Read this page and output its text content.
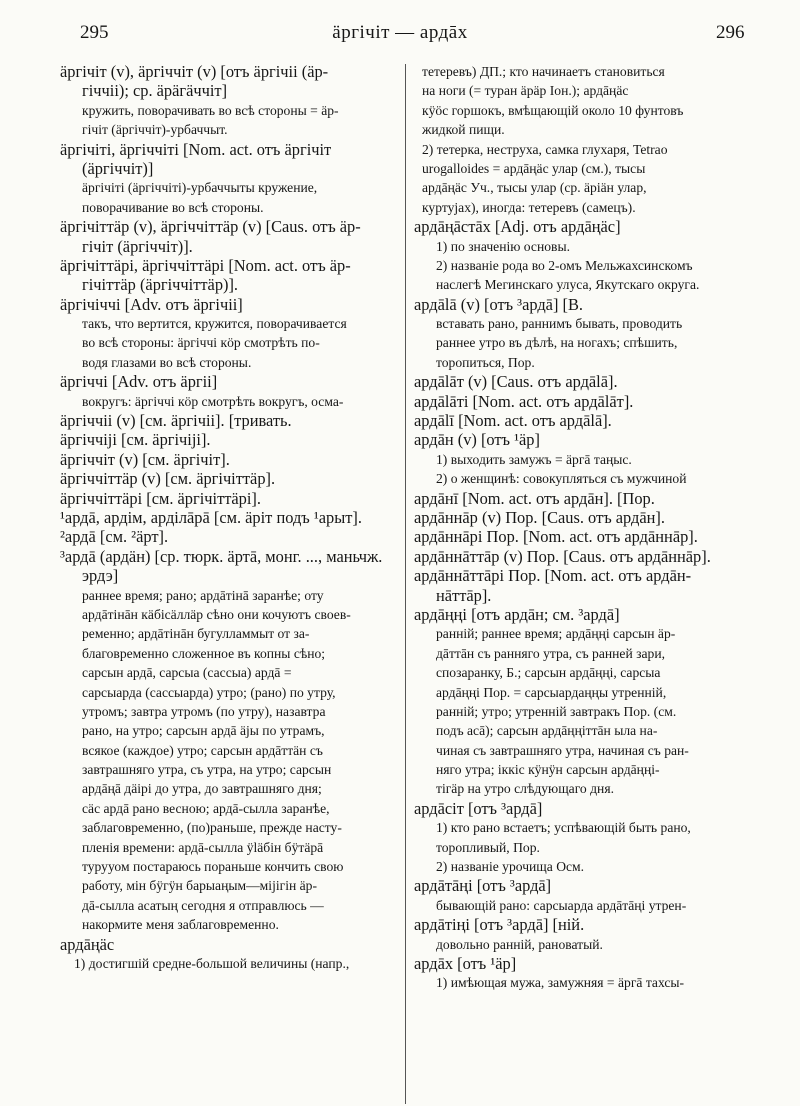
295	äpгiчiт — ардāх	296
äpгiчiт (v), äpгiччiт (v) [отъ äpгiчii (äp-
гiччii); ср. äрäгäччiт]
кружить, поворачивать во всѣ стороны = äp-
гiчiт (äpгiччiт)-урбаччыт.
äpгiчiтi, äpгiччiтi [Nom. act. отъ äpгiчiт
(äpгiччiт)]
äpгiчiтi (äpгiччiтi)-урбаччыты кружение,
поворачивание во всѣ стороны.
äpгiчiттäр (v), äpгiччiттäр (v) [Caus. отъ äp-
гiчiт (äpгiччiт)].
äpгiчiттäрi, äpгiччiттäрi [Nom. act. отъ äp-
гiчiттäр (äpгiччiттäр)].
äpгiчiччi [Adv. отъ äpгiчii]
такъ, что вертится, кружится, поворачивается
во всѣ стороны: äpгiччi кöр смотрѣть по-
водя глазами во всѣ стороны.
äpгiччi [Adv. отъ äpгii]
вокругъ: äpгiччi кöр смотрѣть вокругъ, осма-
äpгiччii (v) [см. äpгiчii]. [тривать.
äpгiччiji [см. äpгiчiji].
äpгiччiт (v) [см. äpгiчiт].
äpгiччiттäр (v) [см. äpгiчiттäр].
äpгiччiттäрi [см. äpгiчiттäрi].
¹ардā, ардiм, ардiлāрā [см. äрiт подъ ¹арыт].
²ардā [см. ²äрт].
³ардā (ардäн) [ср. тюрк. äртā, монг. ..., маньчж.
эрдэ]
раннее время; рано; ардāтiнā заранѣе; оту
ардāтiнāн кäбiсäллäр сѣно они кочуютъ своев-
ременно; ардāтiнāн бугулламмыт от за-
благовременно сложенное въ копны сѣно;
сарсын ардā, сарсыа (сассыа) ардā =
сарсыарда (сассыарда) утро; (рано) по утру,
утромъ; завтра утромъ (по утру), назавтра
рано, на утро; сарсын ардā äjы по утрамъ,
всякое (каждое) утро; сарсын ардāттäн съ
завтрашняго утра, съ утра, на утро; сарсын
ардāңā дäiрi до утра, до завтрашняго дня;
сäс ардā рано весною; ардā-сылла заранѣе,
заблаговременно, (по)раньше, прежде насту-
пленiя времени: ардā-сылла ÿläбiн бÿтäрā
турууом постараюсь пораньше кончить свою
работу, мiн бÿгÿн барыаңым—мijiгiн äр-
дā-сылла асатың сегодня я отправлюсь —
накормите меня заблаговременно.
ардāңäс
1) достигшiй средне-большой величины (напр.,
тетеревъ) ДП.; кто начинаетъ становиться
на ноги (= туран äрäр Іон.); ардāңäс
кÿöс горшокъ, вмѣщающiй около 10 фунтовъ
жидкой пищи.
2) тетерка, неструха, самка глухаря, Tetrao
urogalloides = ардāңäс улар (см.), тысы
ардāңäс Уч., тысы улар (ср. äрiäн улар,
куртуjах), иногда: тетеревъ (самецъ).
ардāңāстāх [Adj. отъ ардāңäс]
1) по значенiю основы.
2) названiе рода во 2-омъ Мельжахсинскомъ
наслегѣ Мегинскаго улуса, Якутскаго округа.
ардālā (v) [отъ ³ардā] [B.
вставать рано, раннимъ бывать, проводить
раннее утро въ дѣлѣ, на ногахъ; спѣшить,
торопиться, Пор.
ардālāт (v) [Caus. отъ ардālā].
ардālāтi [Nom. act. отъ ардālāт].
ардālī [Nom. act. отъ ардālā].
ардāн (v) [отъ ¹äр]
1) выходить замужъ = äргā таңыс.
2) о женщинѣ: совокупляться съ мужчиной
ардāнī [Nom. act. отъ ардāн]. [Пор.
ардāннāр (v) Пор. [Caus. отъ ардāн].
ардāннāрi Пор. [Nom. act. отъ ардāннāр].
ардāннāттāр (v) Пор. [Caus. отъ ардāннāр].
ардāннāттāрi Пор. [Nom. act. отъ ардāн-
нāттāр].
ардāңңi [отъ ардāн; см. ³ардā]
раннiй; раннее время; ардāңңi сарсын äр-
дāттāн съ ранняго утра, съ ранней зари,
спозаранку, Б.; сарсын ардāңңi, сарсыа
ардāңңi Пор. = сарсыардаңңы утреннiй,
раннiй; утро; утреннiй завтракъ Пор. (см.
подъ асā); сарсын ардāңңiттāн ыла на-
чиная съ завтрашняго утра, начиная съ ран-
няго утра; iккiс кÿнÿн сарсын ардāңңi-
тiгäр на утро слѣдующаго дня.
ардāсiт [отъ ³ардā]
1) кто рано встаетъ; успѣвающiй быть рано,
торопливый, Пор.
2) названiе урочища Осм.
ардāтāңi [отъ ³ардā]
бывающiй рано: сарсыарда ардāтāңi утрен-
ардāтiңi [отъ ³ардā] [нiй.
довольно раннiй, рановатый.
ардāх [отъ ¹äр]
1) имѣющая мужа, замужняя = äргā тахсы-
